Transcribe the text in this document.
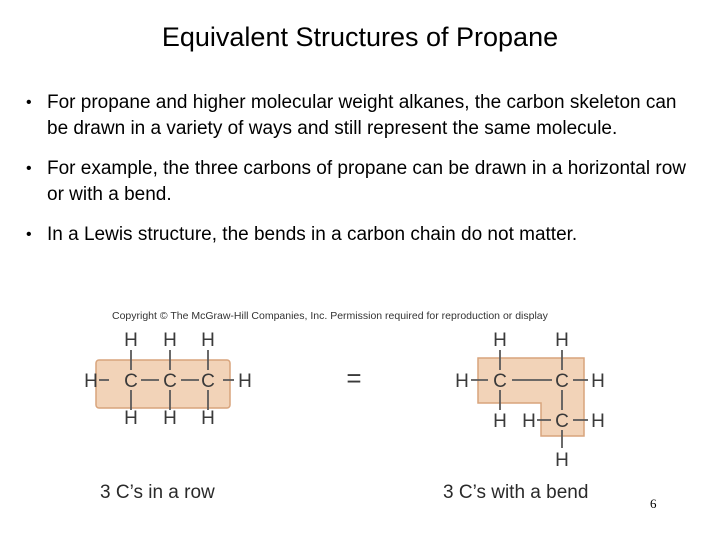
Equivalent Structures of Propane
• For propane and higher molecular weight alkanes, the carbon skeleton can be drawn in a variety of ways and still represent the same molecule.
• For example, the three carbons of propane can be drawn in a horizontal row or with a bend.
• In a Lewis structure, the bends in a carbon chain do not matter.
Copyright © The McGraw-Hill Companies, Inc. Permission required for reproduction or display
H H H
H C C C H
H H H
=
H	H
H C	C H
H H C H
H
3 C’s in a row	3 C’s with a bend
6
